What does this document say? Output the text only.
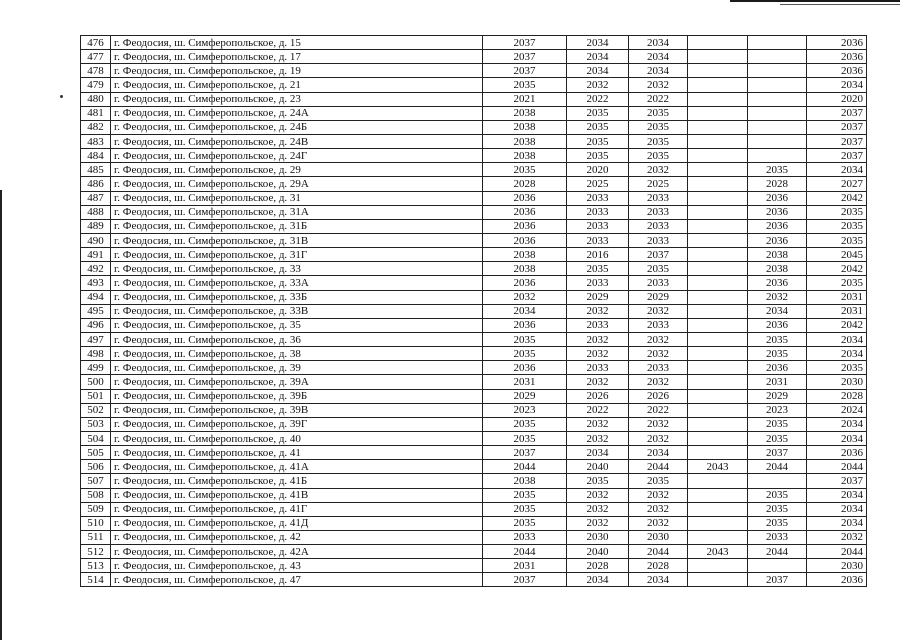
476	г. Феодосия, ш. Симферопольское, д. 15	2037	2034	2034			2036
477	г. Феодосия, ш. Симферопольское, д. 17	2037	2034	2034			2036
478	г. Феодосия, ш. Симферопольское, д. 19	2037	2034	2034			2036
479	г. Феодосия, ш. Симферопольское, д. 21	2035	2032	2032			2034
480	г. Феодосия, ш. Симферопольское, д. 23	2021	2022	2022			2020
481	г. Феодосия, ш. Симферопольское, д. 24А	2038	2035	2035			2037
482	г. Феодосия, ш. Симферопольское, д. 24Б	2038	2035	2035			2037
483	г. Феодосия, ш. Симферопольское, д. 24В	2038	2035	2035			2037
484	г. Феодосия, ш. Симферопольское, д. 24Г	2038	2035	2035			2037
485	г. Феодосия, ш. Симферопольское, д. 29	2035	2020	2032		2035	2034
486	г. Феодосия, ш. Симферопольское, д. 29А	2028	2025	2025		2028	2027
487	г. Феодосия, ш. Симферопольское, д. 31	2036	2033	2033		2036	2042
488	г. Феодосия, ш. Симферопольское, д. 31А	2036	2033	2033		2036	2035
489	г. Феодосия, ш. Симферопольское, д. 31Б	2036	2033	2033		2036	2035
490	г. Феодосия, ш. Симферопольское, д. 31В	2036	2033	2033		2036	2035
491	г. Феодосия, ш. Симферопольское, д. 31Г	2038	2016	2037		2038	2045
492	г. Феодосия, ш. Симферопольское, д. 33	2038	2035	2035		2038	2042
493	г. Феодосия, ш. Симферопольское, д. 33А	2036	2033	2033		2036	2035
494	г. Феодосия, ш. Симферопольское, д. 33Б	2032	2029	2029		2032	2031
495	г. Феодосия, ш. Симферопольское, д. 33В	2034	2032	2032		2034	2031
496	г. Феодосия, ш. Симферопольское, д. 35	2036	2033	2033		2036	2042
497	г. Феодосия, ш. Симферопольское, д. 36	2035	2032	2032		2035	2034
498	г. Феодосия, ш. Симферопольское, д. 38	2035	2032	2032		2035	2034
499	г. Феодосия, ш. Симферопольское, д. 39	2036	2033	2033		2036	2035
500	г. Феодосия, ш. Симферопольское, д. 39А	2031	2032	2032		2031	2030
501	г. Феодосия, ш. Симферопольское, д. 39Б	2029	2026	2026		2029	2028
502	г. Феодосия, ш. Симферопольское, д. 39В	2023	2022	2022		2023	2024
503	г. Феодосия, ш. Симферопольское, д. 39Г	2035	2032	2032		2035	2034
504	г. Феодосия, ш. Симферопольское, д. 40	2035	2032	2032		2035	2034
505	г. Феодосия, ш. Симферопольское, д. 41	2037	2034	2034		2037	2036
506	г. Феодосия, ш. Симферопольское, д. 41А	2044	2040	2044	2043	2044	2044
507	г. Феодосия, ш. Симферопольское, д. 41Б	2038	2035	2035			2037
508	г. Феодосия, ш. Симферопольское, д. 41В	2035	2032	2032		2035	2034
509	г. Феодосия, ш. Симферопольское, д. 41Г	2035	2032	2032		2035	2034
510	г. Феодосия, ш. Симферопольское, д. 41Д	2035	2032	2032		2035	2034
511	г. Феодосия, ш. Симферопольское, д. 42	2033	2030	2030		2033	2032
512	г. Феодосия, ш. Симферопольское, д. 42А	2044	2040	2044	2043	2044	2044
513	г. Феодосия, ш. Симферопольское, д. 43	2031	2028	2028			2030
514	г. Феодосия, ш. Симферопольское, д. 47	2037	2034	2034		2037	2036
